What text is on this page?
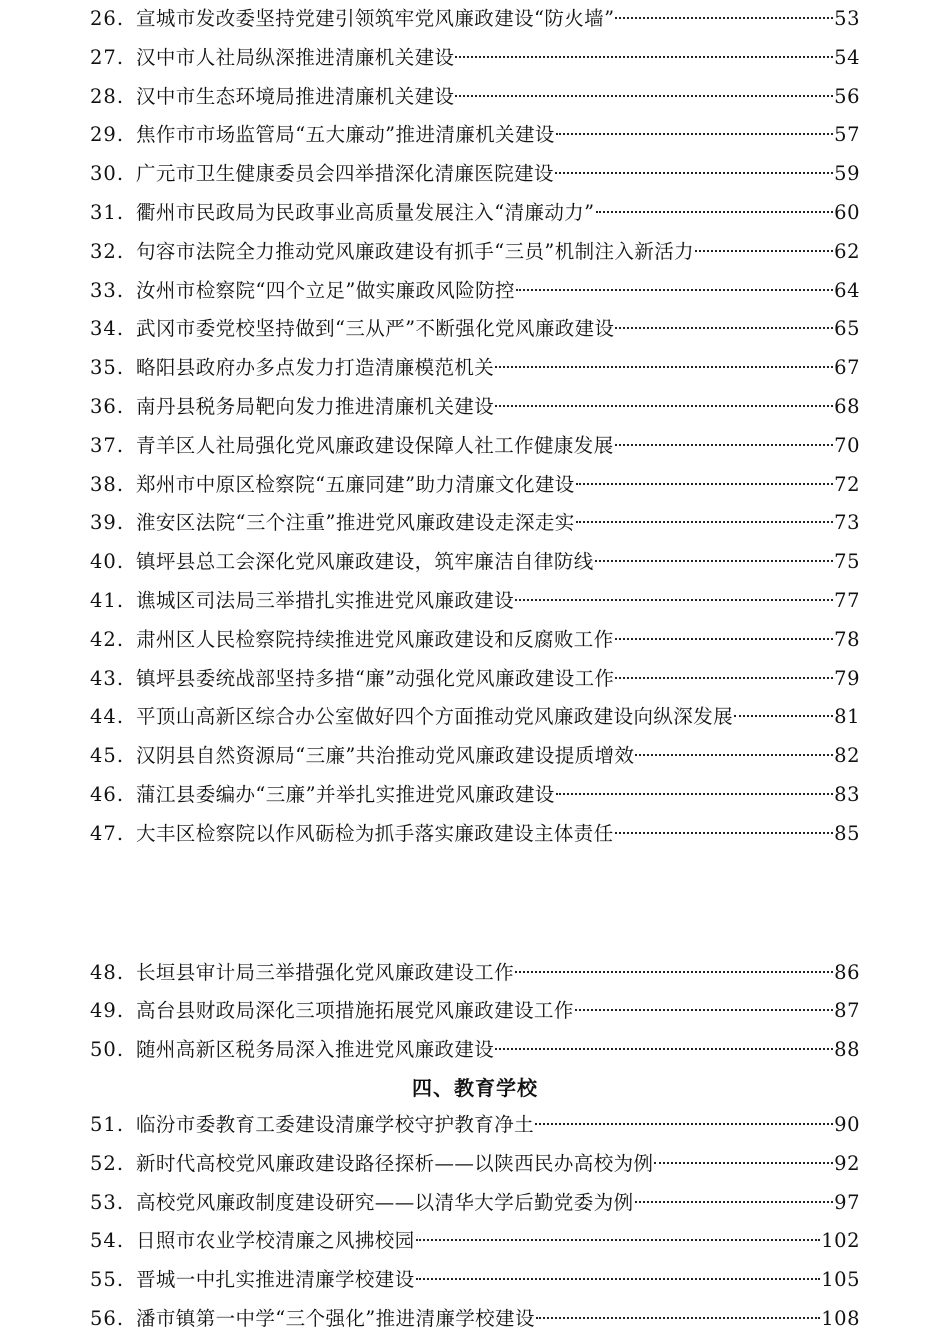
26. 宣城市发改委坚持党建引领筑牢党风廉政建设“防火墙”	53
27. 汉中市人社局纵深推进清廉机关建设	54
28. 汉中市生态环境局推进清廉机关建设	56
29. 焦作市市场监管局“五大廉动”推进清廉机关建设	57
30. 广元市卫生健康委员会四举措深化清廉医院建设	59
31. 衢州市民政局为民政事业高质量发展注入“清廉动力”	60
32. 句容市法院全力推动党风廉政建设有抓手“三员”机制注入新活力	62
33. 汝州市检察院“四个立足”做实廉政风险防控	64
34. 武冈市委党校坚持做到“三从严”不断强化党风廉政建设	65
35. 略阳县政府办多点发力打造清廉模范机关	67
36. 南丹县税务局靶向发力推进清廉机关建设	68
37. 青羊区人社局强化党风廉政建设保障人社工作健康发展	70
38. 郑州市中原区检察院“五廉同建”助力清廉文化建设	72
39. 淮安区法院“三个注重”推进党风廉政建设走深走实	73
40. 镇坪县总工会深化党风廉政建设，筑牢廉洁自律防线	75
41. 谯城区司法局三举措扎实推进党风廉政建设	77
42. 肃州区人民检察院持续推进党风廉政建设和反腐败工作	78
43. 镇坪县委统战部坚持多措“廉”动强化党风廉政建设工作	79
44. 平顶山高新区综合办公室做好四个方面推动党风廉政建设向纵深发展	81
45. 汉阴县自然资源局“三廉”共治推动党风廉政建设提质增效	82
46. 蒲江县委编办“三廉”并举扎实推进党风廉政建设	83
47. 大丰区检察院以作风砺检为抓手落实廉政建设主体责任	85
48. 长垣县审计局三举措强化党风廉政建设工作	86
49. 高台县财政局深化三项措施拓展党风廉政建设工作	87
50. 随州高新区税务局深入推进党风廉政建设	88
四、教育学校
51. 临汾市委教育工委建设清廉学校守护教育净土	90
52. 新时代高校党风廉政建设路径探析——以陕西民办高校为例	92
53. 高校党风廉政制度建设研究——以清华大学后勤党委为例	97
54. 日照市农业学校清廉之风拂校园	102
55. 晋城一中扎实推进清廉学校建设	105
56. 潘市镇第一中学“三个强化”推进清廉学校建设	108
